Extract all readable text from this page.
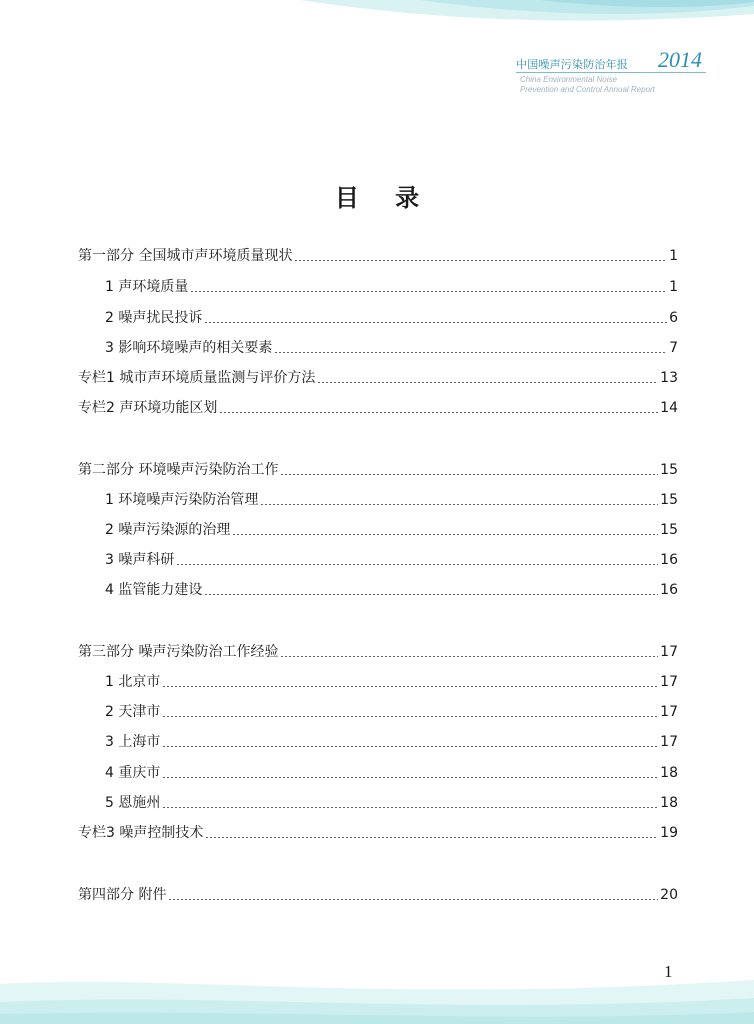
中国噪声污染防治年报 2014
China Environmental Noise
Prevention and Control Annual Report
目 录
第一部分 全国城市声环境质量现状	1
1 声环境质量	1
2 噪声扰民投诉	6
3 影响环境噪声的相关要素	7
专栏1 城市声环境质量监测与评价方法	13
专栏2 声环境功能区划	14
第二部分 环境噪声污染防治工作	15
1 环境噪声污染防治管理	15
2 噪声污染源的治理	15
3 噪声科研	16
4 监管能力建设	16
第三部分 噪声污染防治工作经验	17
1 北京市	17
2 天津市	17
3 上海市	17
4 重庆市	18
5 恩施州	18
专栏3 噪声控制技术	19
第四部分 附件	20
1
